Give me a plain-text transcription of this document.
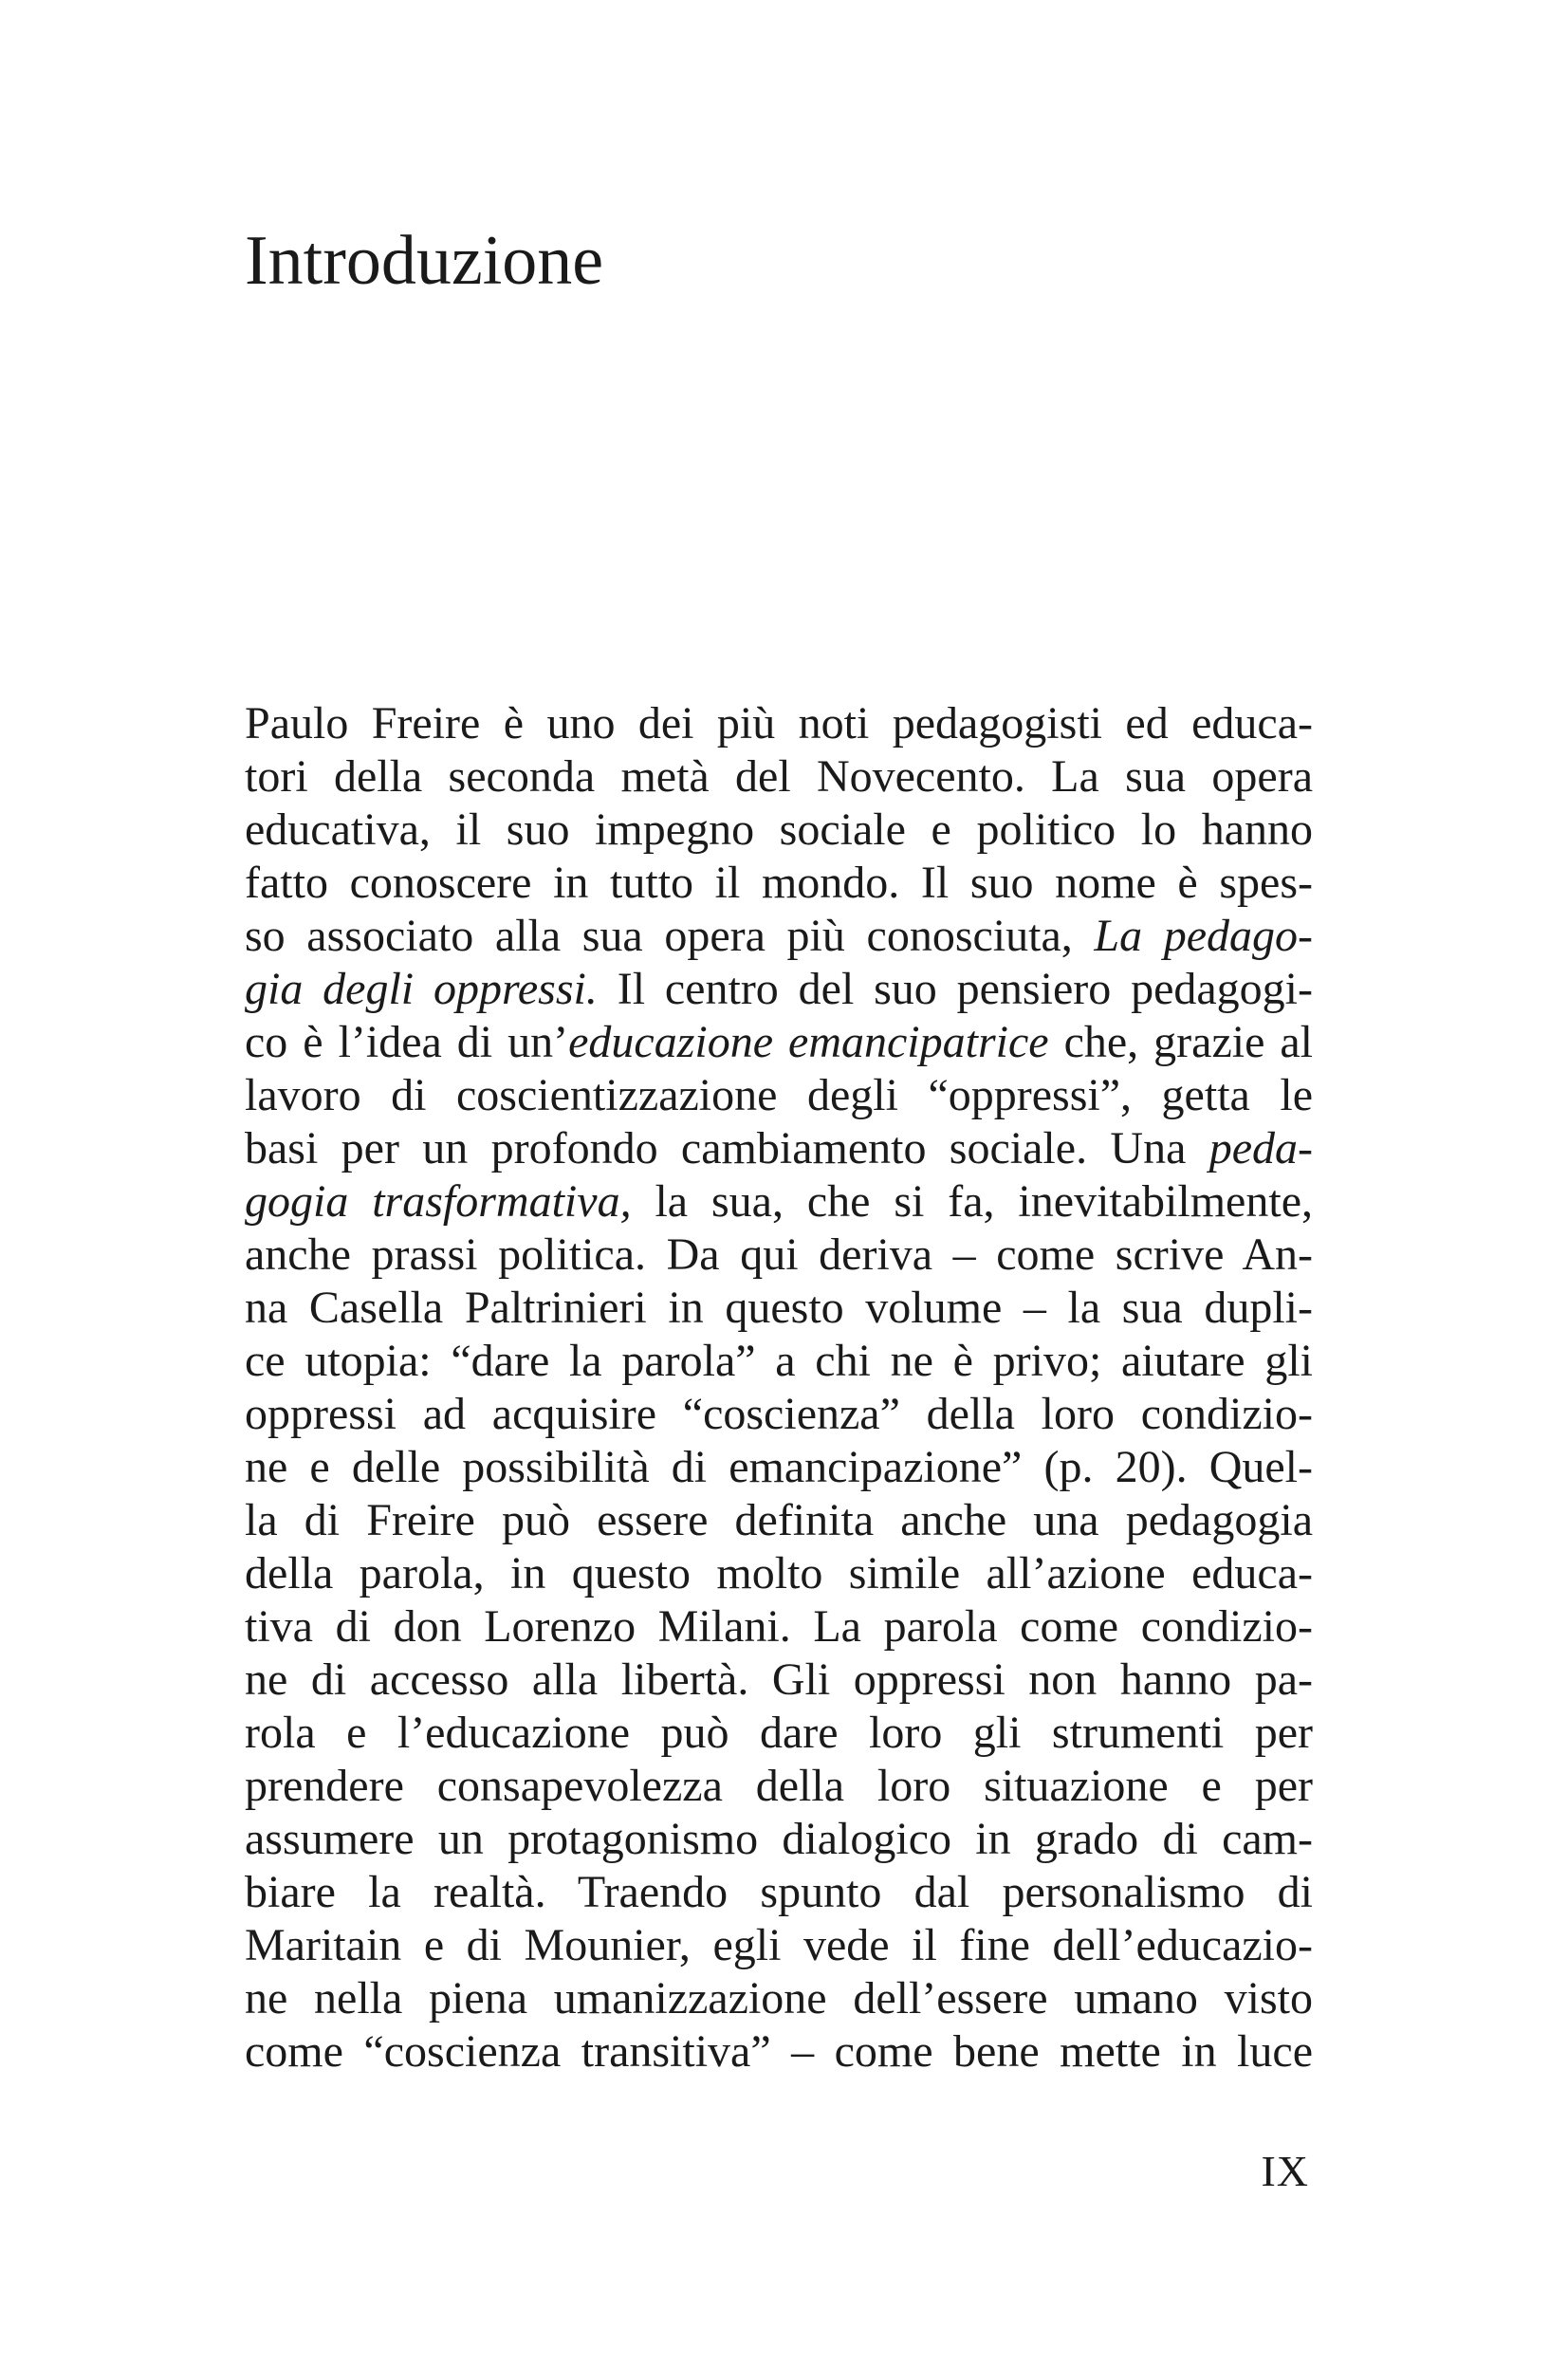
Introduzione
Paulo Freire è uno dei più noti pedagogisti ed educa-
tori della seconda metà del Novecento. La sua opera
educativa, il suo impegno sociale e politico lo hanno
fatto conoscere in tutto il mondo. Il suo nome è spes-
so associato alla sua opera più conosciuta, La pedago-
gia degli oppressi. Il centro del suo pensiero pedagogi-
co è l’idea di un’educazione emancipatrice che, grazie al
lavoro di coscientizzazione degli “oppressi”, getta le
basi per un profondo cambiamento sociale. Una peda-
gogia trasformativa, la sua, che si fa, inevitabilmente,
anche prassi politica. Da qui deriva – come scrive An-
na Casella Paltrinieri in questo volume – la sua dupli-
ce utopia: “dare la parola” a chi ne è privo; aiutare gli
oppressi ad acquisire “coscienza” della loro condizio-
ne e delle possibilità di emancipazione” (p. 20). Quel-
la di Freire può essere definita anche una pedagogia
della parola, in questo molto simile all’azione educa-
tiva di don Lorenzo Milani. La parola come condizio-
ne di accesso alla libertà. Gli oppressi non hanno pa-
rola e l’educazione può dare loro gli strumenti per
prendere consapevolezza della loro situazione e per
assumere un protagonismo dialogico in grado di cam-
biare la realtà. Traendo spunto dal personalismo di
Maritain e di Mounier, egli vede il fine dell’educazio-
ne nella piena umanizzazione dell’essere umano visto
come “coscienza transitiva” – come bene mette in luce
IX
